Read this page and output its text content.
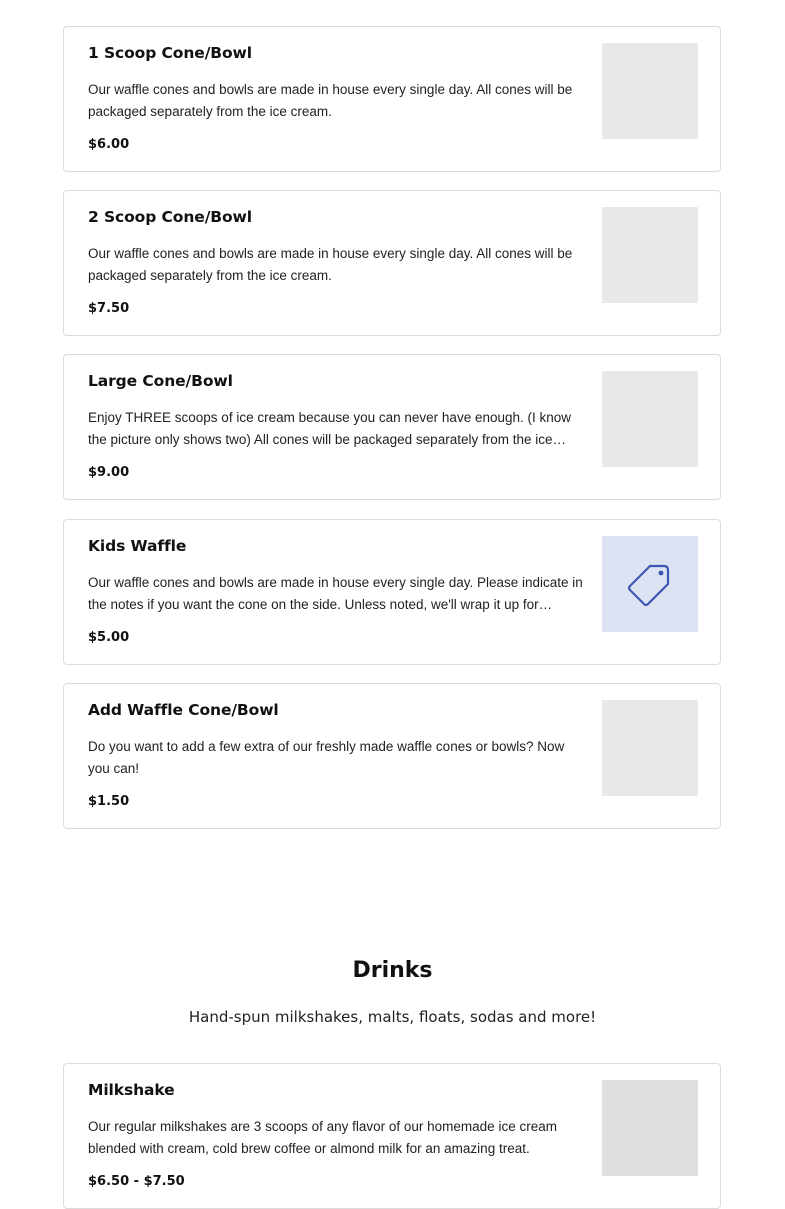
1 Scoop Cone/Bowl
Our waffle cones and bowls are made in house every single day. All cones will be packaged separately from the ice cream.
$6.00
2 Scoop Cone/Bowl
Our waffle cones and bowls are made in house every single day. All cones will be packaged separately from the ice cream.
$7.50
Large Cone/Bowl
Enjoy THREE scoops of ice cream because you can never have enough. (I know the picture only shows two) All cones will be packaged separately from the ice…
$9.00
Kids Waffle
Our waffle cones and bowls are made in house every single day. Please indicate in the notes if you want the cone on the side. Unless noted, we'll wrap it up for…
$5.00
Add Waffle Cone/Bowl
Do you want to add a few extra of our freshly made waffle cones or bowls? Now you can!
$1.50
Drinks

Hand-spun milkshakes, malts, floats, sodas and more!

Milkshake
Our regular milkshakes are 3 scoops of any flavor of our homemade ice cream blended with cream, cold brew coffee or almond milk for an amazing treat.
$6.50 - $7.50
